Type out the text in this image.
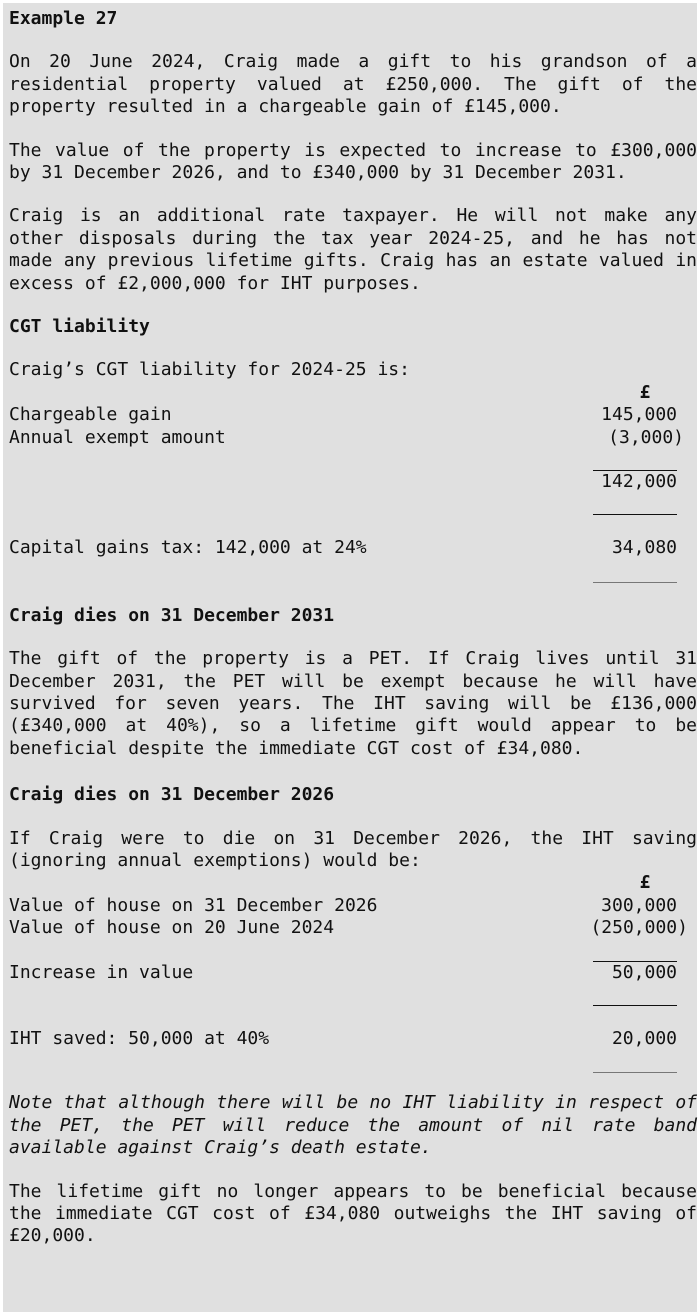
Example 27

On 20 June 2024, Craig made a gift to his grandson of a residential property valued at £250,000. The gift of the property resulted in a chargeable gain of £145,000.

The value of the property is expected to increase to £300,000 by 31 December 2026, and to £340,000 by 31 December 2031.

Craig is an additional rate taxpayer. He will not make any other disposals during the tax year 2024-25, and he has not made any previous lifetime gifts. Craig has an estate valued in excess of £2,000,000 for IHT purposes.

CGT liability

Craig’s CGT liability for 2024-25 is:

£
Chargeable gain	145,000
Annual exempt amount	(3,000)
142,000
Capital gains tax: 142,000 at 24%	34,080
Craig dies on 31 December 2031

The gift of the property is a PET. If Craig lives until 31 December 2031, the PET will be exempt because he will have survived for seven years. The IHT saving will be £136,000 (£340,000 at 40%), so a lifetime gift would appear to be beneficial despite the immediate CGT cost of £34,080.

Craig dies on 31 December 2026

If Craig were to die on 31 December 2026, the IHT saving (ignoring annual exemptions) would be:

£
Value of house on 31 December 2026	300,000
Value of house on 20 June 2024	(250,000)
Increase in value	50,000
IHT saved: 50,000 at 40%	20,000

Note that although there will be no IHT liability in respect of the PET, the PET will reduce the amount of nil rate band available against Craig’s death estate.

The lifetime gift no longer appears to be beneficial because the immediate CGT cost of £34,080 outweighs the IHT saving of £20,000.
